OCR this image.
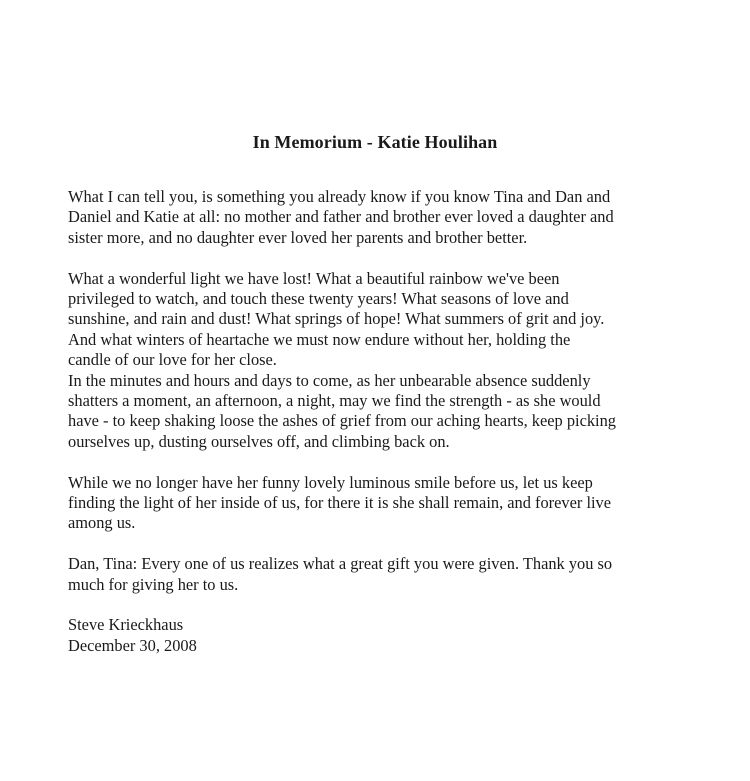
In Memorium - Katie Houlihan
What I can tell you, is something you already know if you know Tina and Dan and
Daniel and Katie at all: no mother and father and brother ever loved a daughter and
sister more, and no daughter ever loved her parents and brother better.
What a wonderful light we have lost! What a beautiful rainbow we've been
privileged to watch, and touch these twenty years! What seasons of love and
sunshine, and rain and dust! What springs of hope! What summers of grit and joy.
And what winters of heartache we must now endure without her, holding the
candle of our love for her close.
In the minutes and hours and days to come, as her unbearable absence suddenly
shatters a moment, an afternoon, a night, may we find the strength - as she would
have - to keep shaking loose the ashes of grief from our aching hearts, keep picking
ourselves up, dusting ourselves off, and climbing back on.
While we no longer have her funny lovely luminous smile before us, let us keep
finding the light of her inside of us, for there it is she shall remain, and forever live
among us.
Dan, Tina: Every one of us realizes what a great gift you were given. Thank you so
much for giving her to us.
Steve Krieckhaus
December 30, 2008
